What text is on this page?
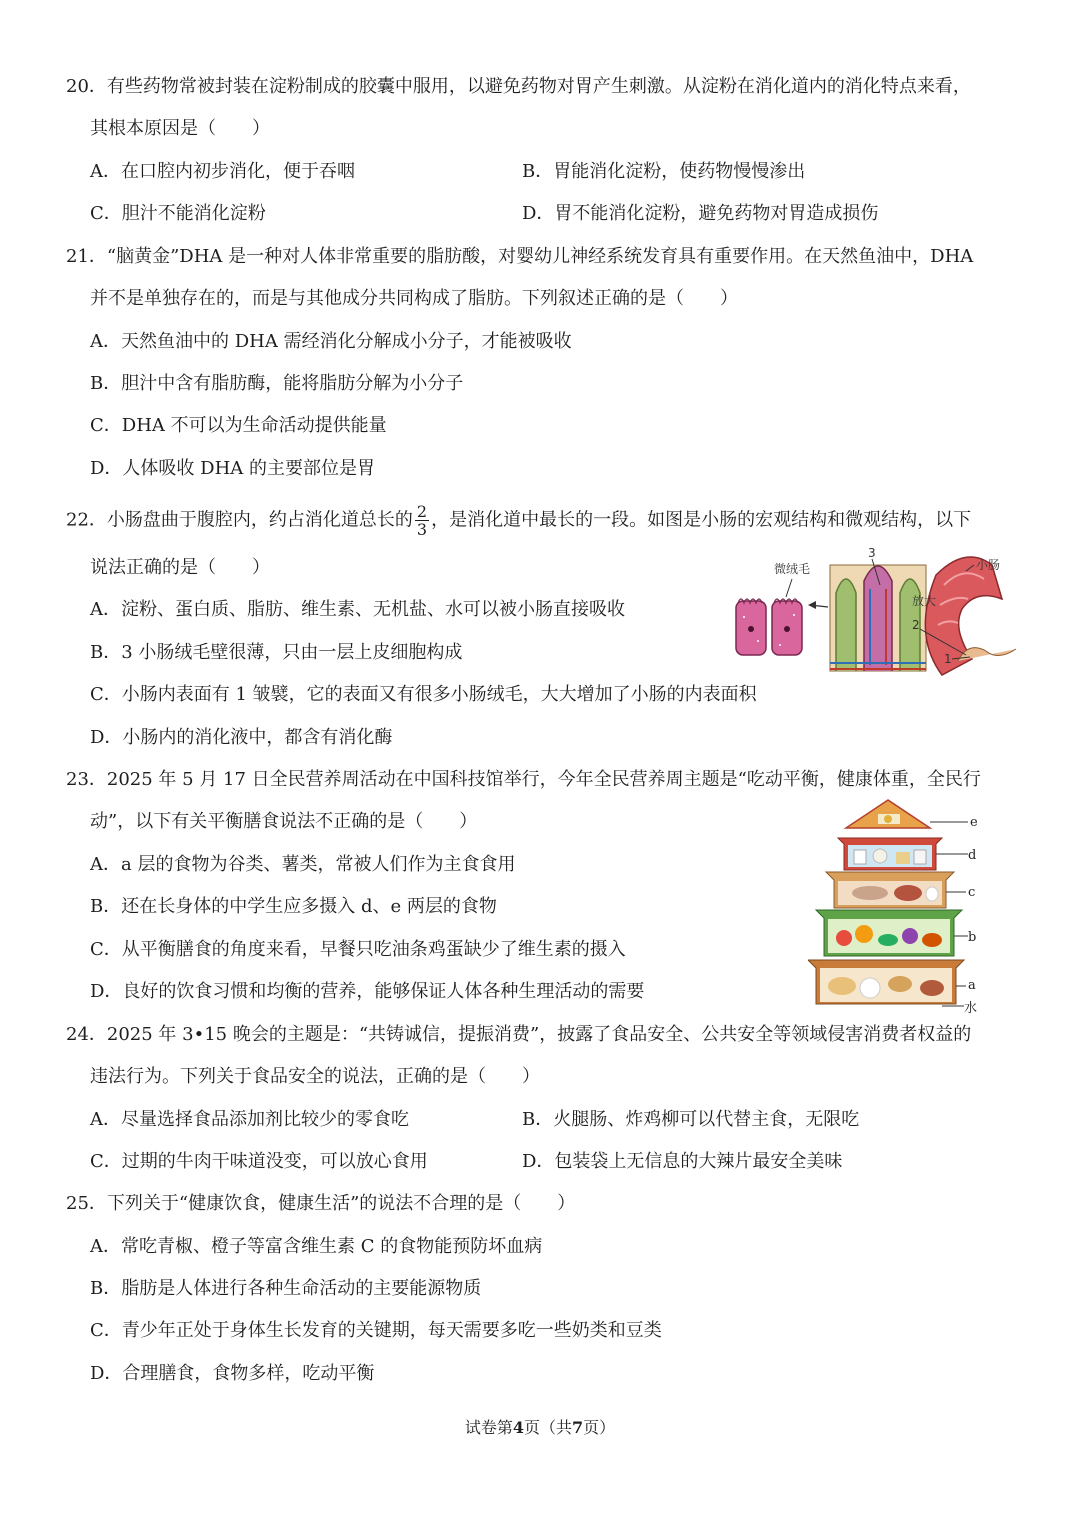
20．有些药物常被封装在淀粉制成的胶囊中服用，以避免药物对胃产生刺激。从淀粉在消化道内的消化特点来看，
其根本原因是（　　）
A．在口腔内初步消化，便于吞咽	B．胃能消化淀粉，使药物慢慢渗出
C．胆汁不能消化淀粉	D．胃不能消化淀粉，避免药物对胃造成损伤
21．“脑黄金”DHA 是一种对人体非常重要的脂肪酸，对婴幼儿神经系统发育具有重要作用。在天然鱼油中，DHA
并不是单独存在的，而是与其他成分共同构成了脂肪。下列叙述正确的是（　　）
A．天然鱼油中的 DHA 需经消化分解成小分子，才能被吸收
B．胆汁中含有脂肪酶，能将脂肪分解为小分子
C．DHA 不可以为生命活动提供能量
D．人体吸收 DHA 的主要部位是胃
22．小肠盘曲于腹腔内，约占消化道总长的 $\frac{2}{3}$ ，是消化道中最长的一段。如图是小肠的宏观结构和微观结构，以下
说法正确的是（　　）
A．淀粉、蛋白质、脂肪、维生素、无机盐、水可以被小肠直接吸收
B．3 小肠绒毛壁很薄，只由一层上皮细胞构成
C．小肠内表面有 1 皱襞，它的表面又有很多小肠绒毛，大大增加了小肠的内表面积
D．小肠内的消化液中，都含有消化酶
微绒毛
3
小肠
放大
2
1
23．2025 年 5 月 17 日全民营养周活动在中国科技馆举行，今年全民营养周主题是“吃动平衡，健康体重，全民行
动”，以下有关平衡膳食说法不正确的是（　　）
A．a 层的食物为谷类、薯类，常被人们作为主食食用
B．还在长身体的中学生应多摄入 d、e 两层的食物
C．从平衡膳食的角度来看，早餐只吃油条鸡蛋缺少了维生素的摄入
D．良好的饮食习惯和均衡的营养，能够保证人体各种生理活动的需要
e
d
c
b
a
水
24．2025 年 3•15 晚会的主题是：“共铸诚信，提振消费”，披露了食品安全、公共安全等领域侵害消费者权益的
违法行为。下列关于食品安全的说法，正确的是（　　）
A．尽量选择食品添加剂比较少的零食吃	B．火腿肠、炸鸡柳可以代替主食，无限吃
C．过期的牛肉干味道没变，可以放心食用	D．包装袋上无信息的大辣片最安全美味
25．下列关于“健康饮食，健康生活”的说法不合理的是（　　）
A．常吃青椒、橙子等富含维生素 C 的食物能预防坏血病
B．脂肪是人体进行各种生命活动的主要能源物质
C．青少年正处于身体生长发育的关键期，每天需要多吃一些奶类和豆类
D．合理膳食，食物多样，吃动平衡
试卷第4页（共7页）
